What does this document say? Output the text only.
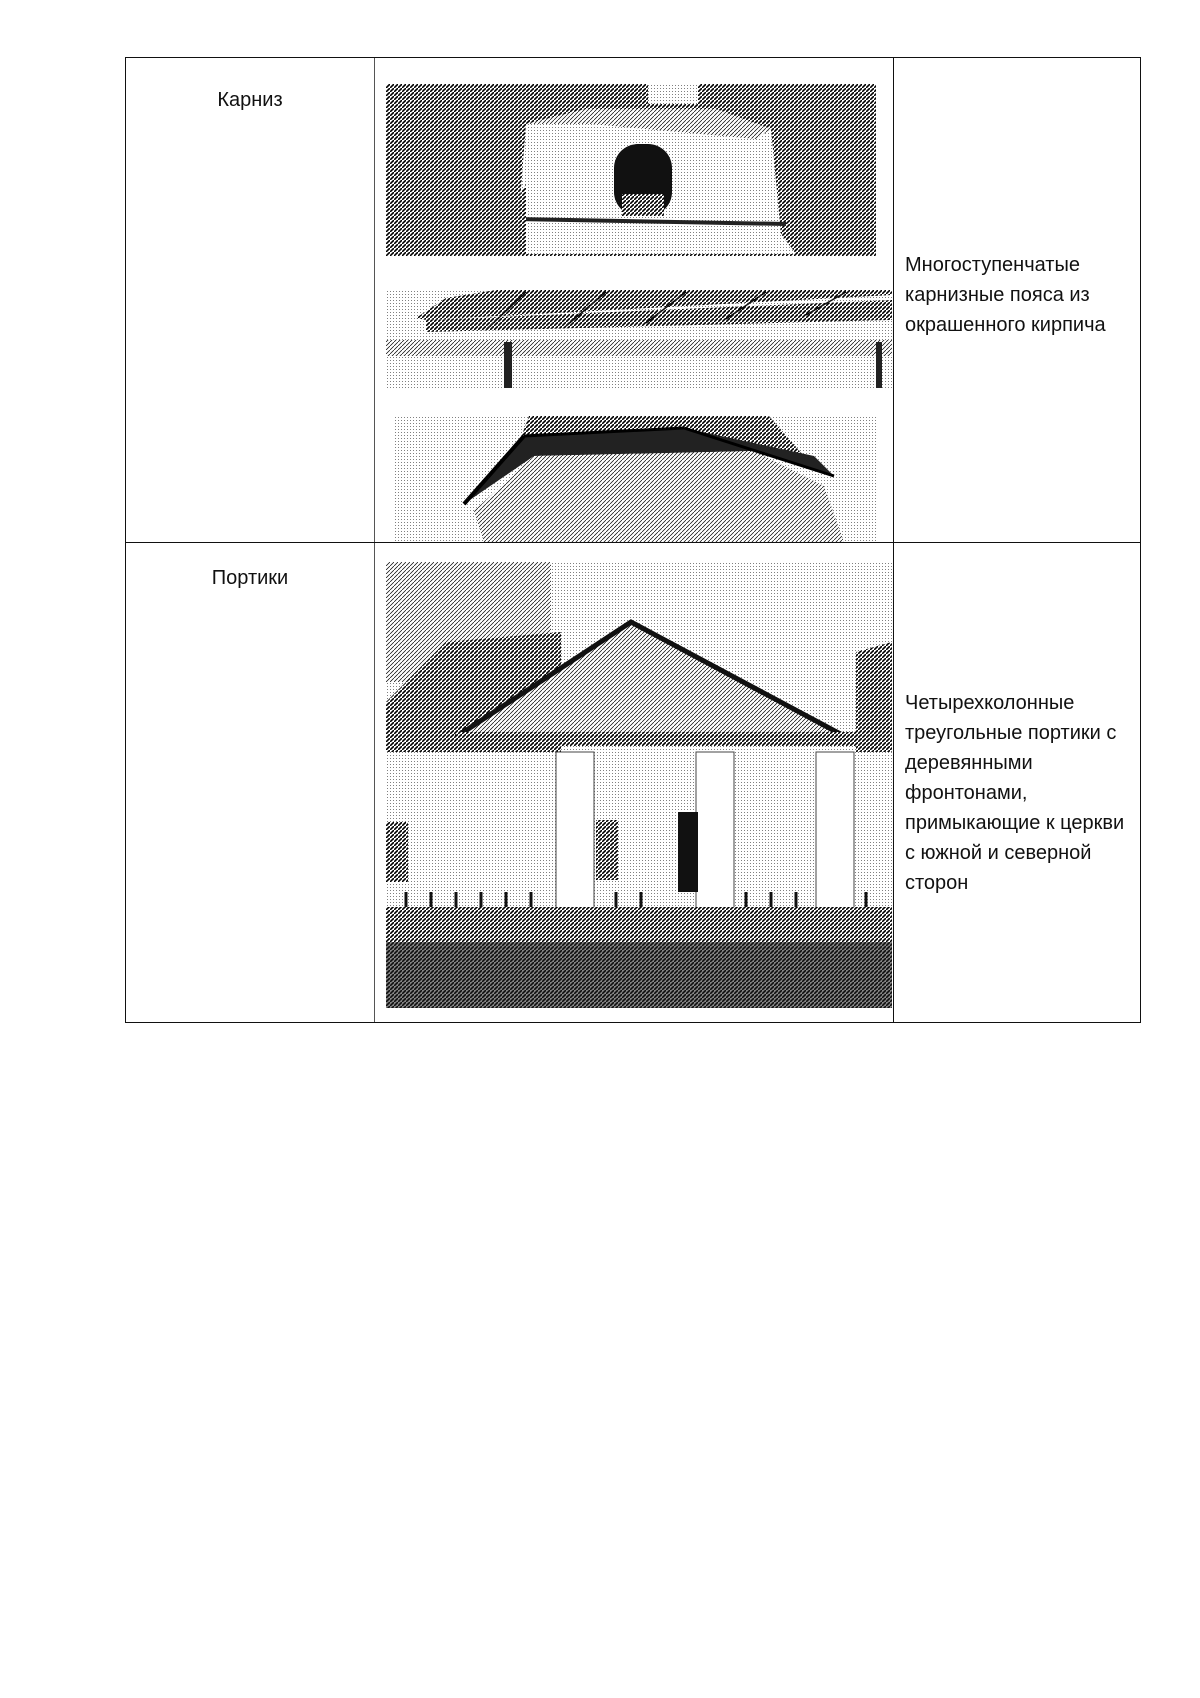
Карниз
Многоступенчатые карнизные пояса из окрашенного кирпича
Портики
Четырехколонные треугольные портики с деревянными фронтонами, примыкающие к церкви с южной и северной сторон
